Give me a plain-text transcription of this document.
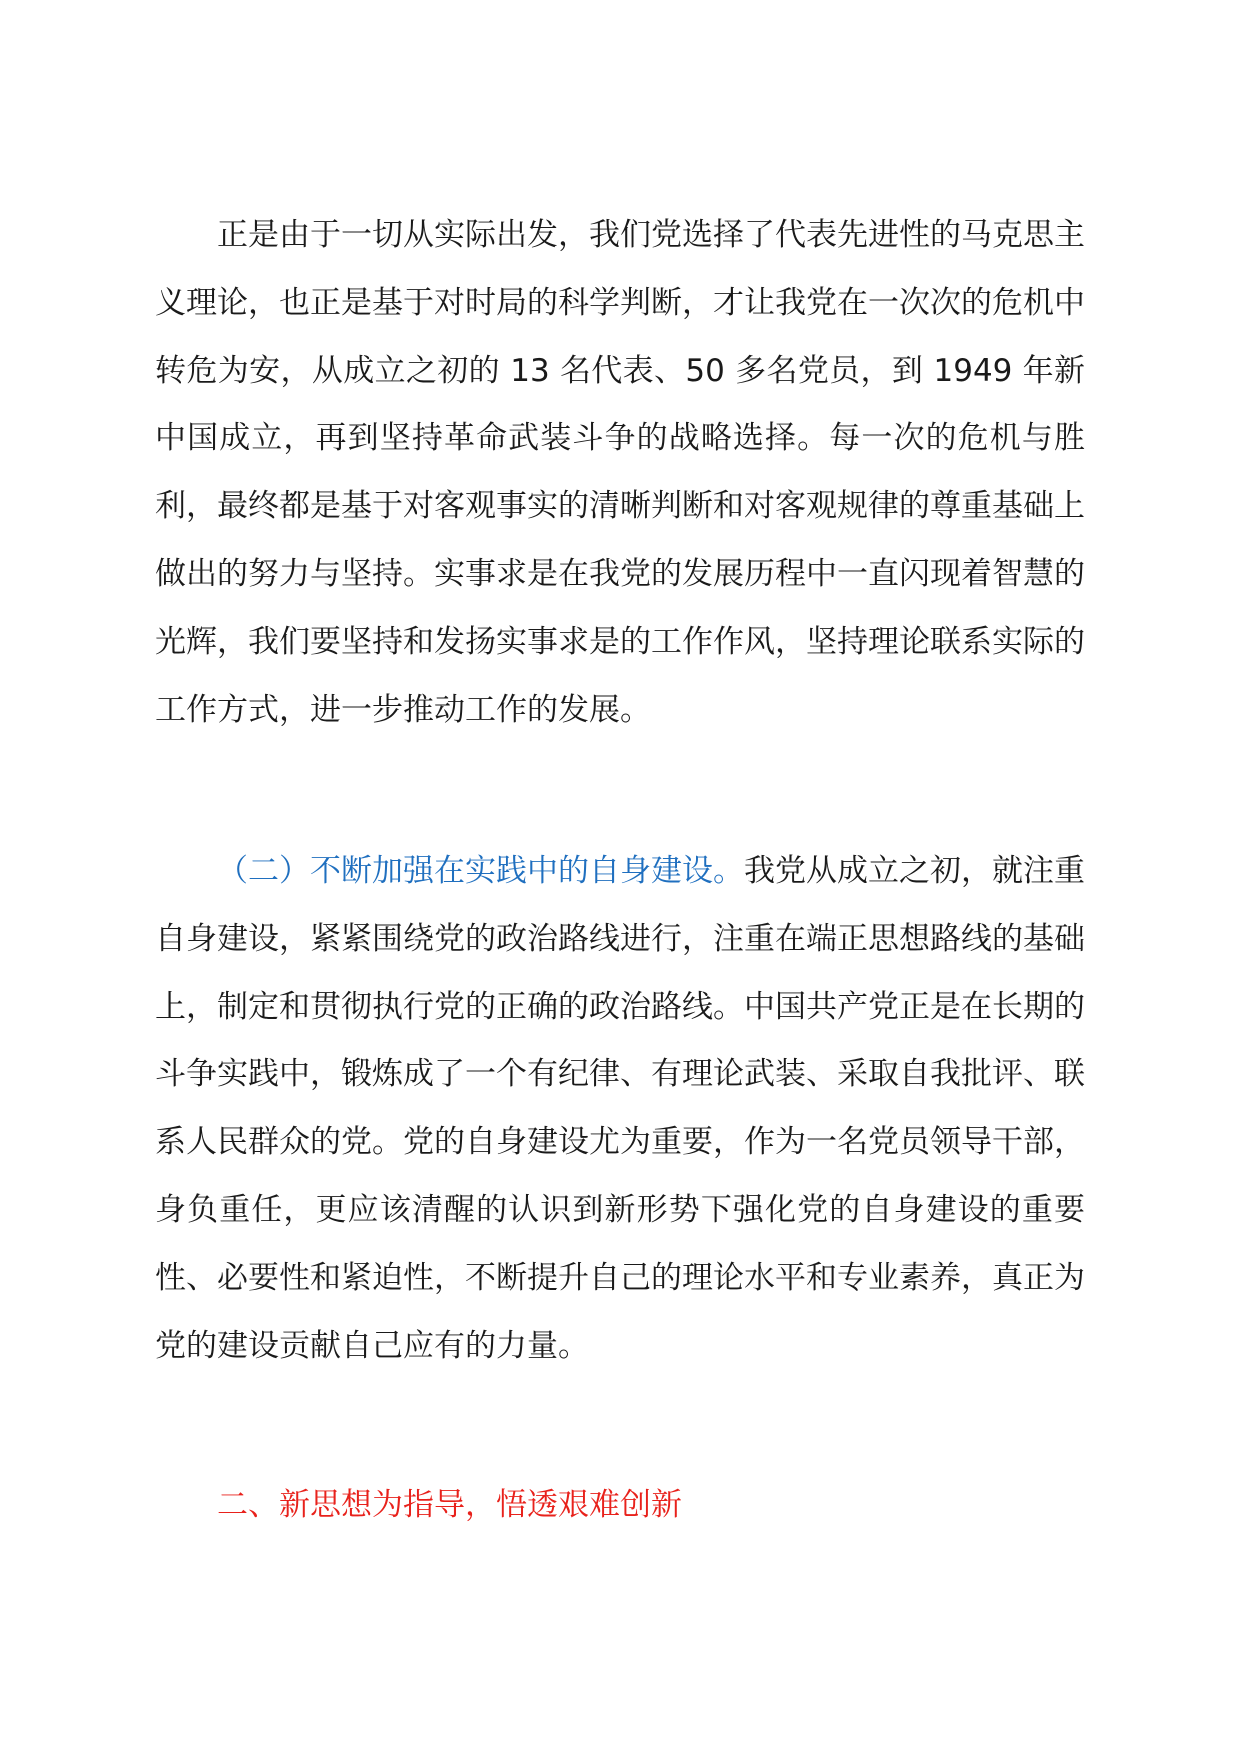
正是由于一切从实际出发，我们党选择了代表先进性的马克思主义理论，也正是基于对时局的科学判断，才让我党在一次次的危机中转危为安，从成立之初的 13 名代表、50 多名党员，到 1949 年新中国成立，再到坚持革命武装斗争的战略选择。每一次的危机与胜利，最终都是基于对客观事实的清晰判断和对客观规律的尊重基础上做出的努力与坚持。实事求是在我党的发展历程中一直闪现着智慧的光辉，我们要坚持和发扬实事求是的工作作风，坚持理论联系实际的工作方式，进一步推动工作的发展。

（二）不断加强在实践中的自身建设。我党从成立之初，就注重自身建设，紧紧围绕党的政治路线进行，注重在端正思想路线的基础上，制定和贯彻执行党的正确的政治路线。中国共产党正是在长期的斗争实践中，锻炼成了一个有纪律、有理论武装、采取自我批评、联系人民群众的党。党的自身建设尤为重要，作为一名党员领导干部，身负重任，更应该清醒的认识到新形势下强化党的自身建设的重要性、必要性和紧迫性，不断提升自己的理论水平和专业素养，真正为党的建设贡献自己应有的力量。

二、新思想为指导，悟透艰难创新
